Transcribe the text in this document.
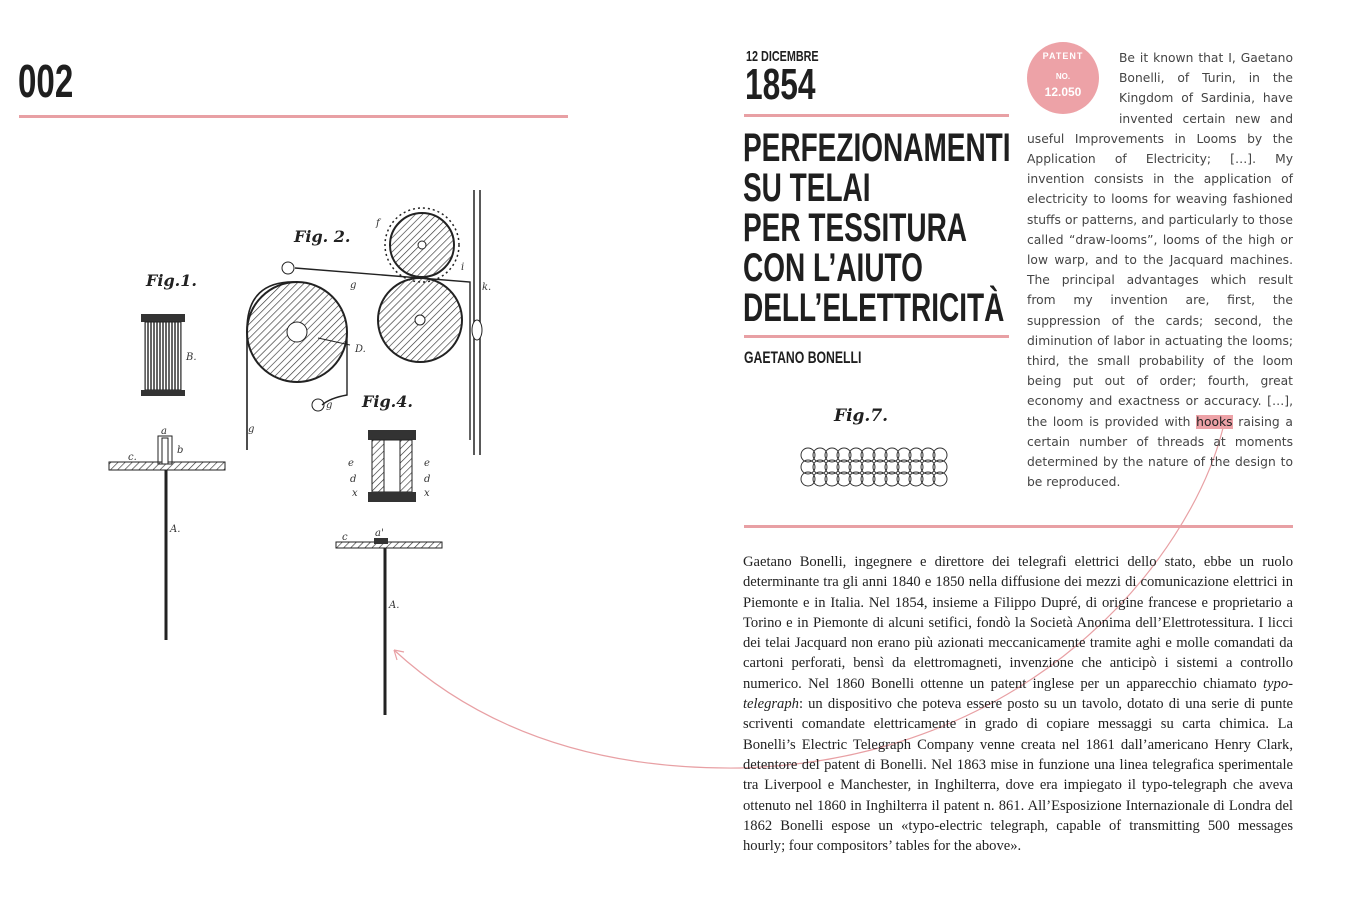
002
Fig.1.
B.
a
b
c.
A.
Fig. 2.
g
g
g
f
D.
i
k.
Fig.4.
e
d
x
e
d
x
c	a'
A.
12 DICEMBRE
1854
PERFEZIONAMENTI
SU TELAI
PER TESSITURA
CON L’AIUTO
DELL’ELETTRICITÀ
GAETANO BONELLI
Fig.7.
PATENT
NO.
12.050
Be it known that I, Gaetano Bonelli, of Turin, in the Kingdom of Sardinia, have invented certain new and useful Improvements in Looms by the Application of Electricity; […]. My invention consists in the application of electricity to looms for weaving fashioned stuffs or patterns, and particularly to those called “draw-looms”, looms of the high or low warp, and to the Jacquard machines. The principal advantages which result from my invention are, first, the suppression of the cards; second, the diminution of labor in actuating the looms; third, the small probability of the loom being put out of order; fourth, great economy and exactness or accuracy. […], the loom is provided with hooks raising a certain number of threads at moments determined by the nature of the design to be reproduced.
Gaetano Bonelli, ingegnere e direttore dei telegrafi elettrici dello stato, ebbe un ruolo determinante tra gli anni 1840 e 1850 nella diffusione dei mezzi di comunicazione elettrici in Piemonte e in Italia. Nel 1854, insieme a Filippo Dupré, di origine francese e proprietario a Torino e in Piemonte di alcuni setifici, fondò la Società Anonima dell’Elettrotessitura. I licci dei telai Jacquard non erano più azionati meccanicamente tramite aghi e molle comandati da cartoni perforati, bensì da elettromagneti, invenzione che anticipò i sistemi a controllo numerico. Nel 1860 Bonelli ottenne un patent inglese per un apparecchio chiamato typo-telegraph: un dispositivo che poteva essere posto su un tavolo, dotato di una serie di punte scriventi comandate elettricamente in grado di copiare messaggi su carta chimica. La Bonelli’s Electric Telegraph Company venne creata nel 1861 dall’americano Henry Clark, detentore del patent di Bonelli. Nel 1863 mise in funzione una linea telegrafica sperimentale tra Liverpool e Manchester, in Inghilterra, dove era impiegato il typo-telegraph che aveva ottenuto nel 1860 in Inghilterra il patent n. 861. All’Esposizione Internazionale di Londra del 1862 Bonelli espose un «typo-electric telegraph, capable of transmitting 500 messages hourly; four compositors’ tables for the above».
